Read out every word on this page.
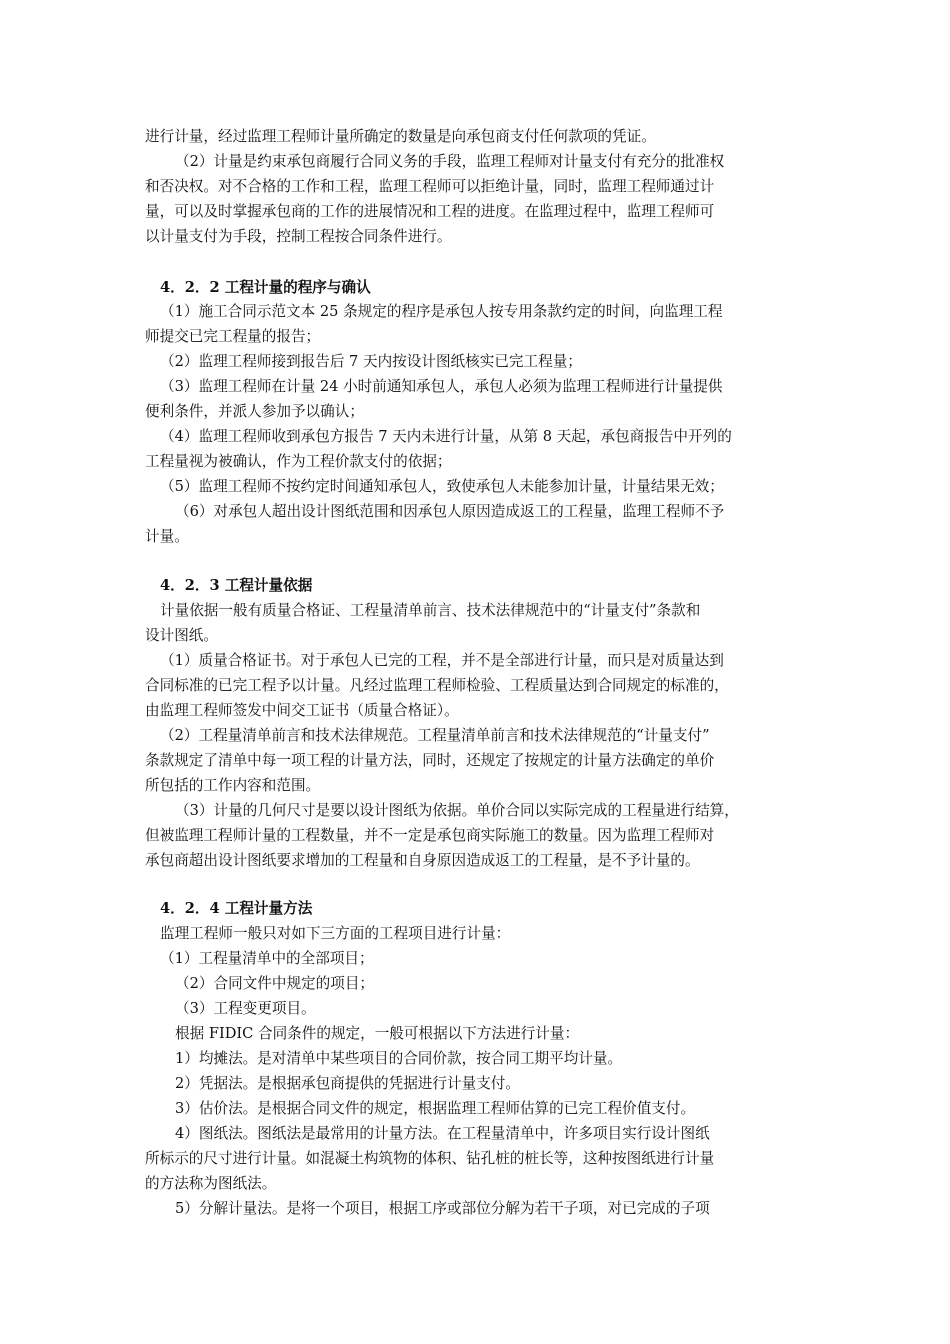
进行计量，经过监理工程师计量所确定的数量是向承包商支付任何款项的凭证。
（2）计量是约束承包商履行合同义务的手段，监理工程师对计量支付有充分的批准权
和否决权。对不合格的工作和工程，监理工程师可以拒绝计量，同时，监理工程师通过计
量，可以及时掌握承包商的工作的进展情况和工程的进度。在监理过程中，监理工程师可
以计量支付为手段，控制工程按合同条件进行。
4．2．2 工程计量的程序与确认
（1）施工合同示范文本 25 条规定的程序是承包人按专用条款约定的时间，向监理工程
师提交已完工程量的报告；
（2）监理工程师接到报告后 7 天内按设计图纸核实已完工程量；
（3）监理工程师在计量 24 小时前通知承包人，承包人必须为监理工程师进行计量提供
便利条件，并派人参加予以确认；
（4）监理工程师收到承包方报告 7 天内未进行计量，从第 8 天起，承包商报告中开列的
工程量视为被确认，作为工程价款支付的依据；
（5）监理工程师不按约定时间通知承包人，致使承包人未能参加计量，计量结果无效；
（6）对承包人超出设计图纸范围和因承包人原因造成返工的工程量，监理工程师不予
计量。
4．2．3 工程计量依据
计量依据一般有质量合格证、工程量清单前言、技术法律规范中的“计量支付”条款和
设计图纸。
（1）质量合格证书。对于承包人已完的工程，并不是全部进行计量，而只是对质量达到
合同标准的已完工程予以计量。凡经过监理工程师检验、工程质量达到合同规定的标准的，
由监理工程师签发中间交工证书（质量合格证）。
（2）工程量清单前言和技术法律规范。工程量清单前言和技术法律规范的“计量支付”
条款规定了清单中每一项工程的计量方法，同时，还规定了按规定的计量方法确定的单价
所包括的工作内容和范围。
（3）计量的几何尺寸是要以设计图纸为依据。单价合同以实际完成的工程量进行结算，
但被监理工程师计量的工程数量，并不一定是承包商实际施工的数量。因为监理工程师对
承包商超出设计图纸要求增加的工程量和自身原因造成返工的工程量，是不予计量的。
4．2．4 工程计量方法
监理工程师一般只对如下三方面的工程项目进行计量：
（1）工程量清单中的全部项目；
（2）合同文件中规定的项目；
（3）工程变更项目。
根据 FIDIC 合同条件的规定，一般可根据以下方法进行计量：
1）均摊法。是对清单中某些项目的合同价款，按合同工期平均计量。
2）凭据法。是根据承包商提供的凭据进行计量支付。
3）估价法。是根据合同文件的规定，根据监理工程师估算的已完工程价值支付。
4）图纸法。图纸法是最常用的计量方法。在工程量清单中，许多项目实行设计图纸
所标示的尺寸进行计量。如混凝土构筑物的体积、钻孔桩的桩长等，这种按图纸进行计量
的方法称为图纸法。
5）分解计量法。是将一个项目，根据工序或部位分解为若干子项，对已完成的子项
